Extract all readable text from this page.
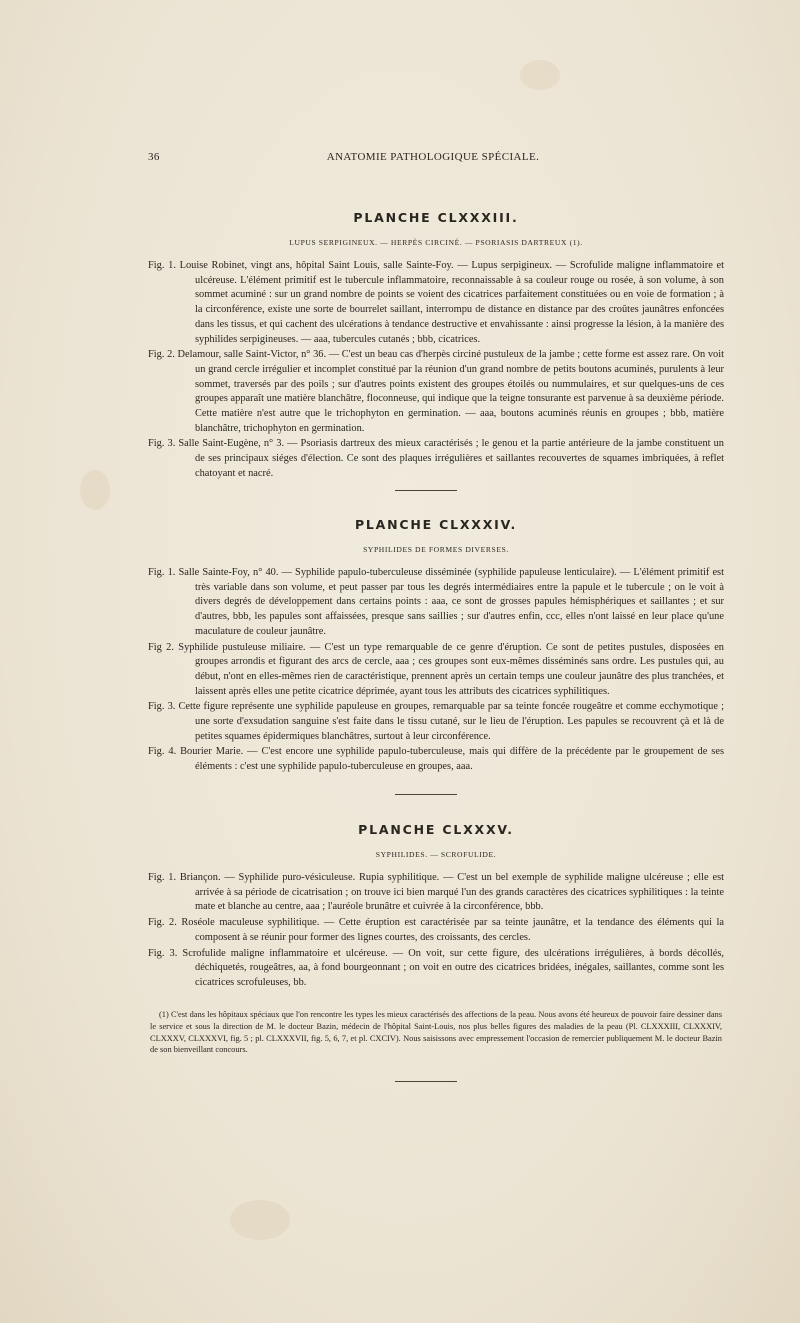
36	ANATOMIE PATHOLOGIQUE SPÉCIALE.
PLANCHE CLXXXIII.
LUPUS SERPIGINEUX. — HERPÈS CIRCINÉ. — PSORIASIS DARTREUX (1).

Fig. 1. Louise Robinet, vingt ans, hôpital Saint Louis, salle Sainte-Foy. — Lupus serpigineux. — Scrofulide maligne inflammatoire et ulcéreuse. L'élément primitif est le tubercule inflammatoire, reconnaissable à sa couleur rouge ou rosée, à son volume, à son sommet acuminé : sur un grand nombre de points se voient des cicatrices parfaitement constituées ou en voie de formation ; à la circonférence, existe une sorte de bourrelet saillant, interrompu de distance en distance par des croûtes jaunâtres enfoncées dans les tissus, et qui cachent des ulcérations à tendance destructive et envahissante : ainsi progresse la lésion, à la manière des syphilides serpigineuses. — aaa, tubercules cutanés ; bbb, cicatrices.

Fig. 2. Delamour, salle Saint-Victor, n° 36. — C'est un beau cas d'herpès circiné pustuleux de la jambe ; cette forme est assez rare. On voit un grand cercle irrégulier et incomplet constitué par la réunion d'un grand nombre de petits boutons acuminés, purulents à leur sommet, traversés par des poils ; sur d'autres points existent des groupes étoilés ou nummulaires, et sur quelques-uns de ces groupes apparaît une matière blanchâtre, floconneuse, qui indique que la teigne tonsurante est parvenue à sa deuxième période. Cette matière n'est autre que le trichophyton en germination. — aaa, boutons acuminés réunis en groupes ; bbb, matière blanchâtre, trichophyton en germination.

Fig. 3. Salle Saint-Eugène, n° 3. — Psoriasis dartreux des mieux caractérisés ; le genou et la partie antérieure de la jambe constituent un de ses principaux siéges d'élection. Ce sont des plaques irrégulières et saillantes recouvertes de squames imbriquées, à reflet chatoyant et nacré.

PLANCHE CLXXXIV.
SYPHILIDES DE FORMES DIVERSES.

Fig. 1. Salle Sainte-Foy, n° 40. — Syphilide papulo-tuberculeuse disséminée (syphilide papuleuse lenticulaire). — L'élément primitif est très variable dans son volume, et peut passer par tous les degrés intermédiaires entre la papule et le tubercule ; on le voit à divers degrés de développement dans certains points : aaa, ce sont de grosses papules hémisphériques et saillantes ; et sur d'autres, bbb, les papules sont affaissées, presque sans saillies ; sur d'autres enfin, ccc, elles n'ont laissé en leur place qu'une maculature de couleur jaunâtre.

Fig 2. Syphilide pustuleuse miliaire. — C'est un type remarquable de ce genre d'éruption. Ce sont de petites pustules, disposées en groupes arrondis et figurant des arcs de cercle, aaa ; ces groupes sont eux-mêmes disséminés sans ordre. Les pustules qui, au début, n'ont en elles-mêmes rien de caractéristique, prennent après un certain temps une couleur jaunâtre des plus tranchées, et laissent après elles une petite cicatrice déprimée, ayant tous les attributs des cicatrices syphilitiques.

Fig. 3. Cette figure représente une syphilide papuleuse en groupes, remarquable par sa teinte foncée rougeâtre et comme ecchymotique ; une sorte d'exsudation sanguine s'est faite dans le tissu cutané, sur le lieu de l'éruption. Les papules se recouvrent çà et là de petites squames épidermiques blanchâtres, surtout à leur circonférence.

Fig. 4. Bourier Marie. — C'est encore une syphilide papulo-tuberculeuse, mais qui diffère de la précédente par le groupement de ses éléments : c'est une syphilide papulo-tuberculeuse en groupes, aaa.

PLANCHE CLXXXV.
SYPHILIDES. — SCROFULIDE.

Fig. 1. Briançon. — Syphilide puro-vésiculeuse. Rupia syphilitique. — C'est un bel exemple de syphilide maligne ulcéreuse ; elle est arrivée à sa période de cicatrisation ; on trouve ici bien marqué l'un des grands caractères des cicatrices syphilitiques : la teinte mate et blanche au centre, aaa ; l'auréole brunâtre et cuivrée à la circonférence, bbb.

Fig. 2. Roséole maculeuse syphilitique. — Cette éruption est caractérisée par sa teinte jaunâtre, et la tendance des éléments qui la composent à se réunir pour former des lignes courtes, des croissants, des cercles.

Fig. 3. Scrofulide maligne inflammatoire et ulcéreuse. — On voit, sur cette figure, des ulcérations irrégulières, à bords décollés, déchiquetés, rougeâtres, aa, à fond bourgeonnant ; on voit en outre des cicatrices bridées, inégales, saillantes, comme sont les cicatrices scrofuleuses, bb.

(1) C'est dans les hôpitaux spéciaux que l'on rencontre les types les mieux caractérisés des affections de la peau. Nous avons été heureux de pouvoir faire dessiner dans le service et sous la direction de M. le docteur Bazin, médecin de l'hôpital Saint-Louis, nos plus belles figures des maladies de la peau (Pl. CLXXXIII, CLXXXIV, CLXXXV, CLXXXVI, fig. 5 ; pl. CLXXXVII, fig. 5, 6, 7, et pl. CXCIV). Nous saisissons avec empressement l'occasion de remercier publiquement M. le docteur Bazin de son bienveillant concours.
